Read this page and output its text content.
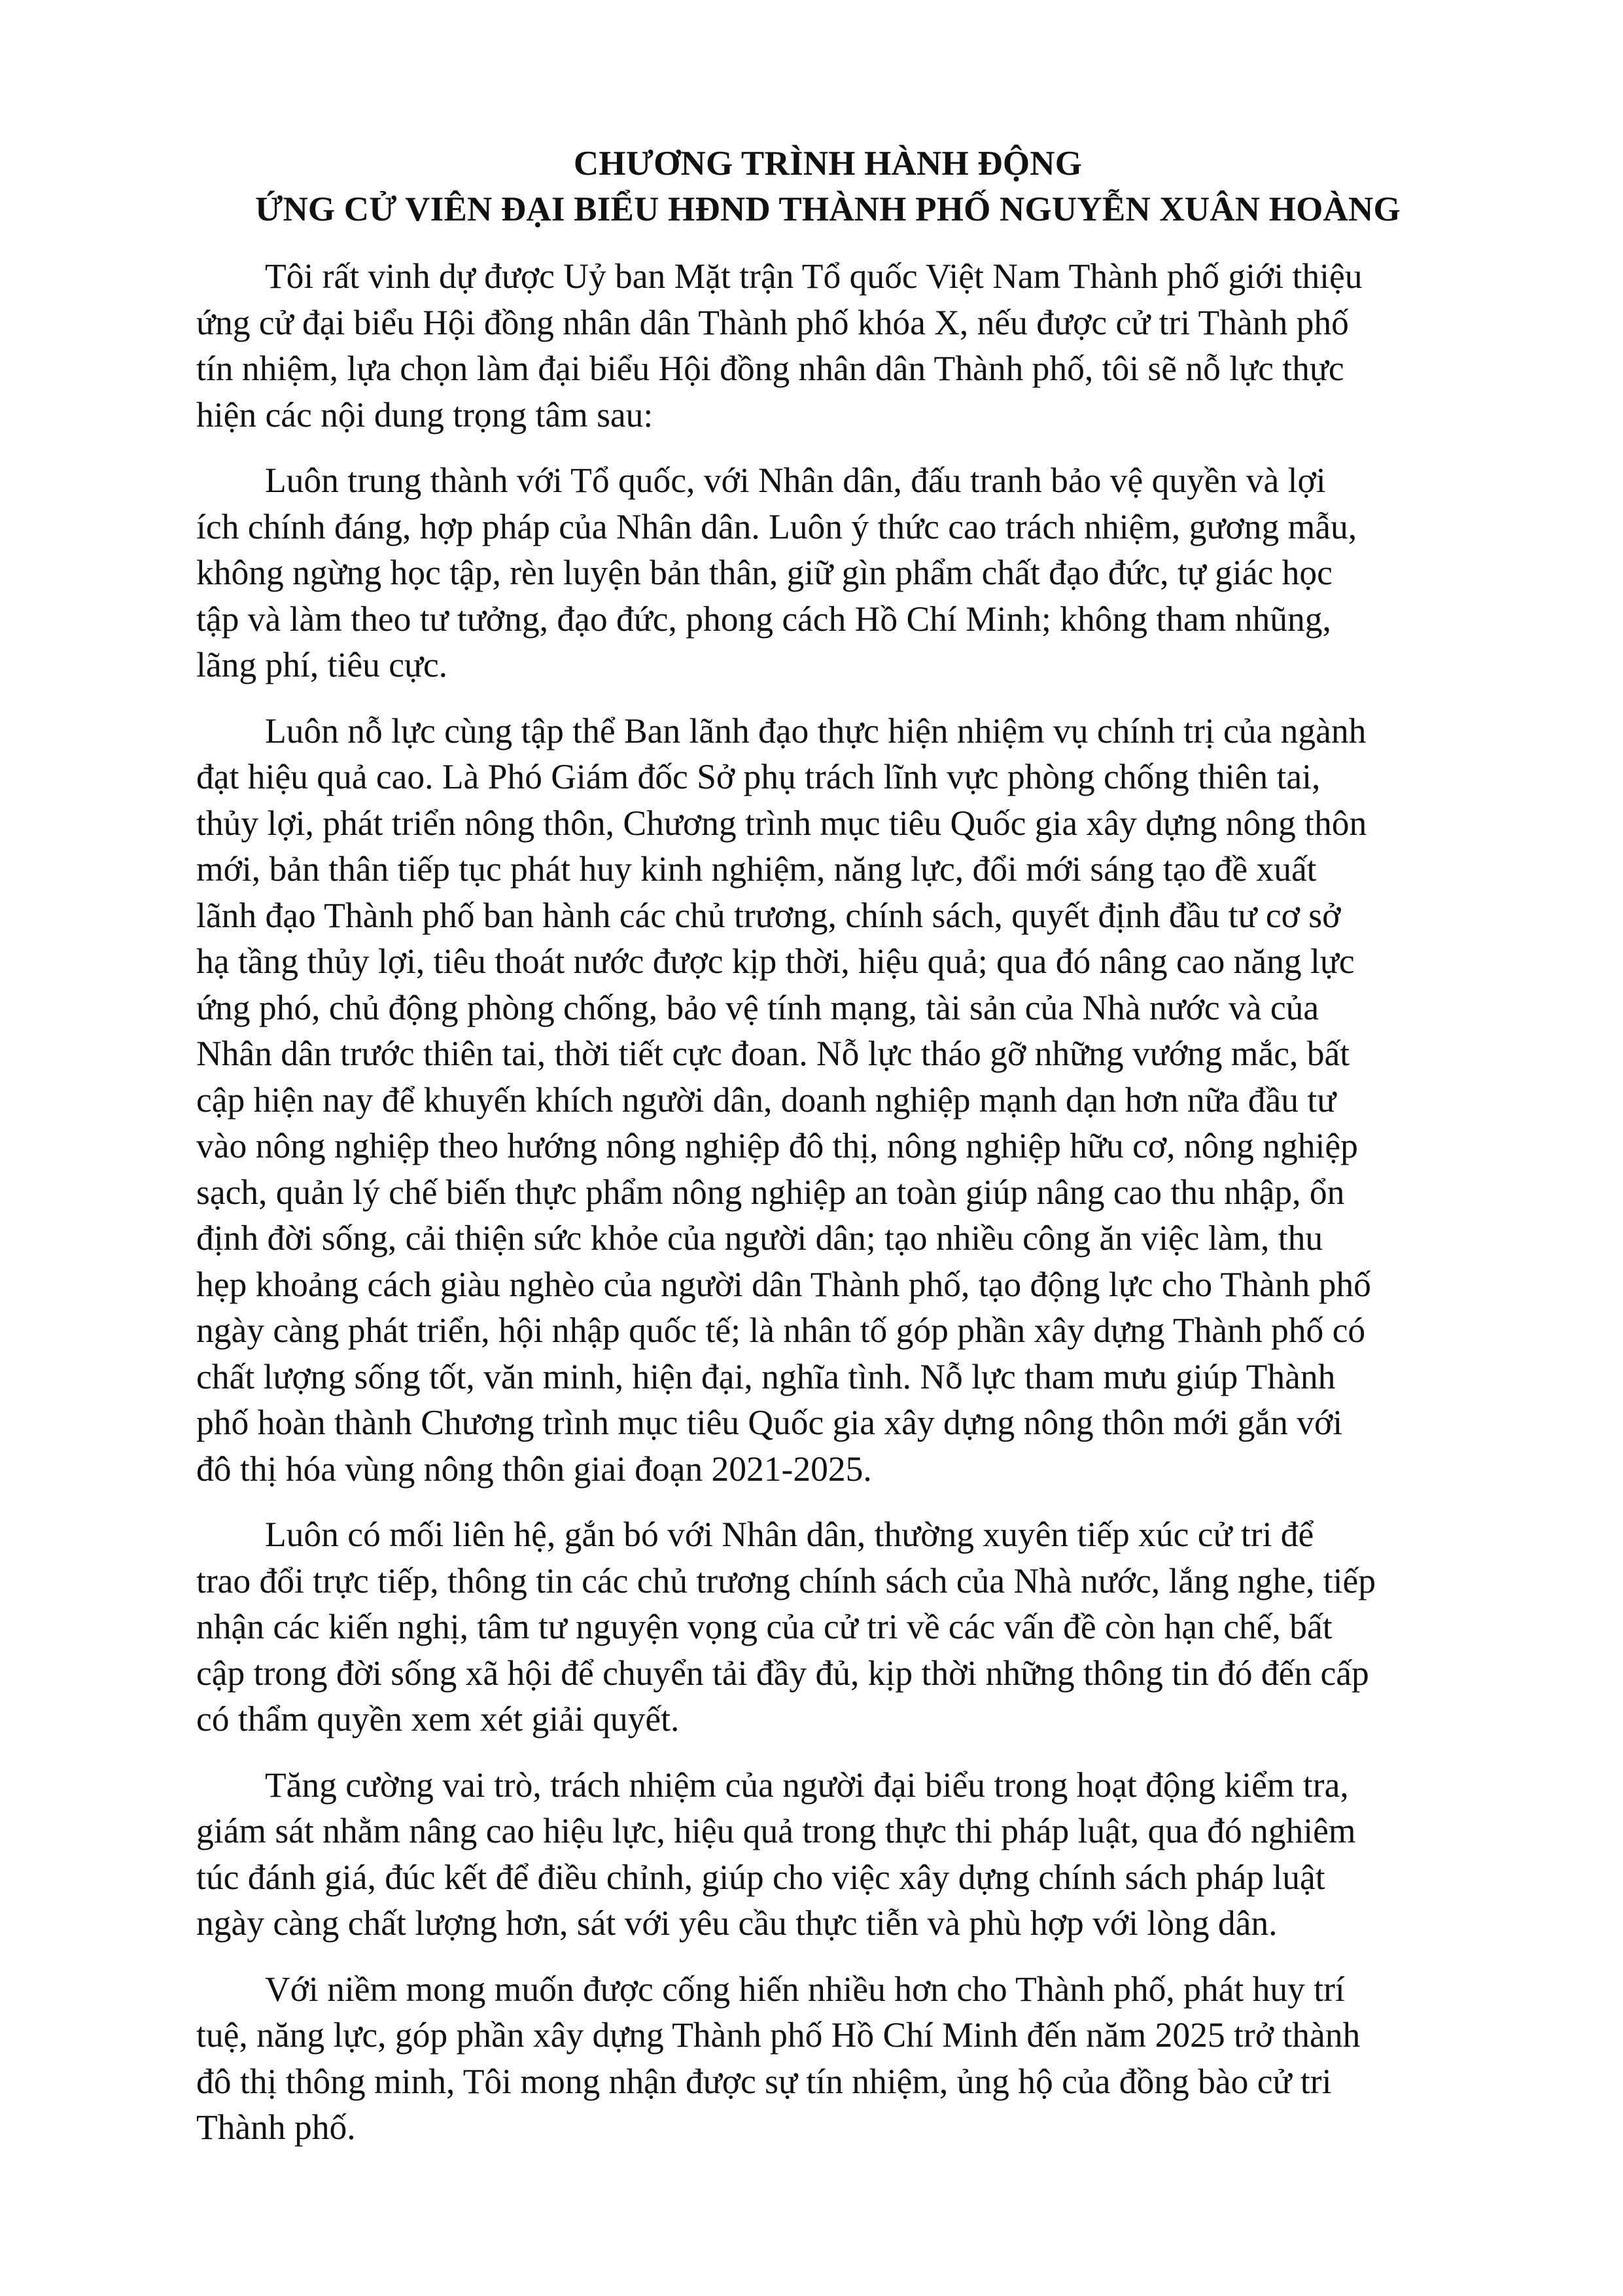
CHƯƠNG TRÌNH HÀNH ĐỘNG
ỨNG CỬ VIÊN ĐẠI BIỂU HĐND THÀNH PHỐ NGUYỄN XUÂN HOÀNG

Tôi rất vinh dự được Uỷ ban Mặt trận Tổ quốc Việt Nam Thành phố giới thiệu
ứng cử đại biểu Hội đồng nhân dân Thành phố khóa X, nếu được cử tri Thành phố
tín nhiệm, lựa chọn làm đại biểu Hội đồng nhân dân Thành phố, tôi sẽ nỗ lực thực
hiện các nội dung trọng tâm sau:

Luôn trung thành với Tổ quốc, với Nhân dân, đấu tranh bảo vệ quyền và lợi
ích chính đáng, hợp pháp của Nhân dân. Luôn ý thức cao trách nhiệm, gương mẫu,
không ngừng học tập, rèn luyện bản thân, giữ gìn phẩm chất đạo đức, tự giác học
tập và làm theo tư tưởng, đạo đức, phong cách Hồ Chí Minh; không tham nhũng,
lãng phí, tiêu cực.

Luôn nỗ lực cùng tập thể Ban lãnh đạo thực hiện nhiệm vụ chính trị của ngành
đạt hiệu quả cao. Là Phó Giám đốc Sở phụ trách lĩnh vực phòng chống thiên tai,
thủy lợi, phát triển nông thôn, Chương trình mục tiêu Quốc gia xây dựng nông thôn
mới, bản thân tiếp tục phát huy kinh nghiệm, năng lực, đổi mới sáng tạo đề xuất
lãnh đạo Thành phố ban hành các chủ trương, chính sách, quyết định đầu tư cơ sở
hạ tầng thủy lợi, tiêu thoát nước được kịp thời, hiệu quả; qua đó nâng cao năng lực
ứng phó, chủ động phòng chống, bảo vệ tính mạng, tài sản của Nhà nước và của
Nhân dân trước thiên tai, thời tiết cực đoan. Nỗ lực tháo gỡ những vướng mắc, bất
cập hiện nay để khuyến khích người dân, doanh nghiệp mạnh dạn hơn nữa đầu tư
vào nông nghiệp theo hướng nông nghiệp đô thị, nông nghiệp hữu cơ, nông nghiệp
sạch, quản lý chế biến thực phẩm nông nghiệp an toàn giúp nâng cao thu nhập, ổn
định đời sống, cải thiện sức khỏe của người dân; tạo nhiều công ăn việc làm, thu
hẹp khoảng cách giàu nghèo của người dân Thành phố, tạo động lực cho Thành phố
ngày càng phát triển, hội nhập quốc tế; là nhân tố góp phần xây dựng Thành phố có
chất lượng sống tốt, văn minh, hiện đại, nghĩa tình. Nỗ lực tham mưu giúp Thành
phố hoàn thành Chương trình mục tiêu Quốc gia xây dựng nông thôn mới gắn với
đô thị hóa vùng nông thôn giai đoạn 2021-2025.

Luôn có mối liên hệ, gắn bó với Nhân dân, thường xuyên tiếp xúc cử tri để
trao đổi trực tiếp, thông tin các chủ trương chính sách của Nhà nước, lắng nghe, tiếp
nhận các kiến nghị, tâm tư nguyện vọng của cử tri về các vấn đề còn hạn chế, bất
cập trong đời sống xã hội để chuyển tải đầy đủ, kịp thời những thông tin đó đến cấp
có thẩm quyền xem xét giải quyết.

Tăng cường vai trò, trách nhiệm của người đại biểu trong hoạt động kiểm tra,
giám sát nhằm nâng cao hiệu lực, hiệu quả trong thực thi pháp luật, qua đó nghiêm
túc đánh giá, đúc kết để điều chỉnh, giúp cho việc xây dựng chính sách pháp luật
ngày càng chất lượng hơn, sát với yêu cầu thực tiễn và phù hợp với lòng dân.

Với niềm mong muốn được cống hiến nhiều hơn cho Thành phố, phát huy trí
tuệ, năng lực, góp phần xây dựng Thành phố Hồ Chí Minh đến năm 2025 trở thành
đô thị thông minh, Tôi mong nhận được sự tín nhiệm, ủng hộ của đồng bào cử tri
Thành phố.
